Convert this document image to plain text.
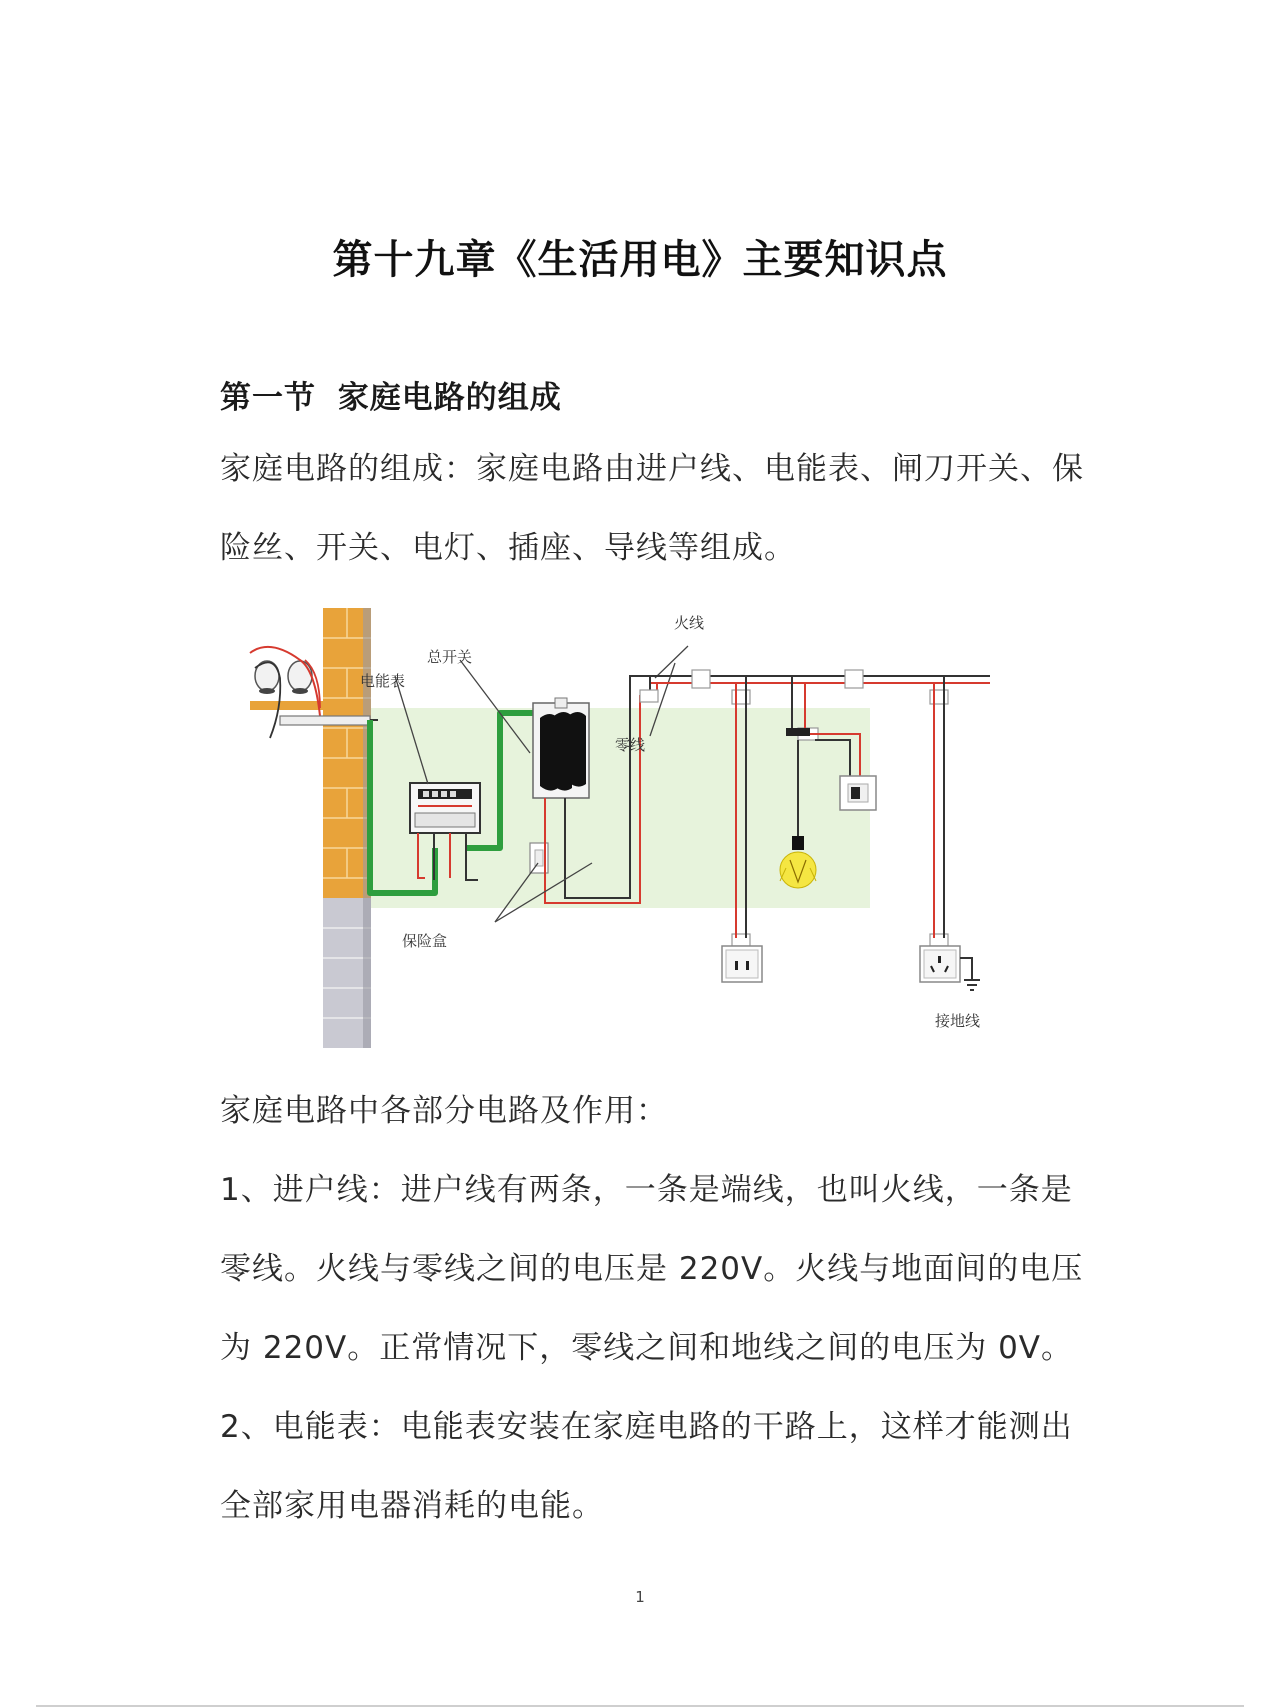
第十九章《生活用电》主要知识点
第一节 家庭电路的组成

家庭电路的组成：家庭电路由进户线、电能表、闸刀开关、保险丝、开关、电灯、插座、导线等组成。

火线
总开关
电能表
零线
保险盒
接地线

家庭电路中各部分电路及作用：

1、进户线：进户线有两条，一条是端线，也叫火线，一条是零线。火线与零线之间的电压是 220V。火线与地面间的电压为 220V。正常情况下，零线之间和地线之间的电压为 0V。

2、电能表：电能表安装在家庭电路的干路上，这样才能测出全部家用电器消耗的电能。

1
